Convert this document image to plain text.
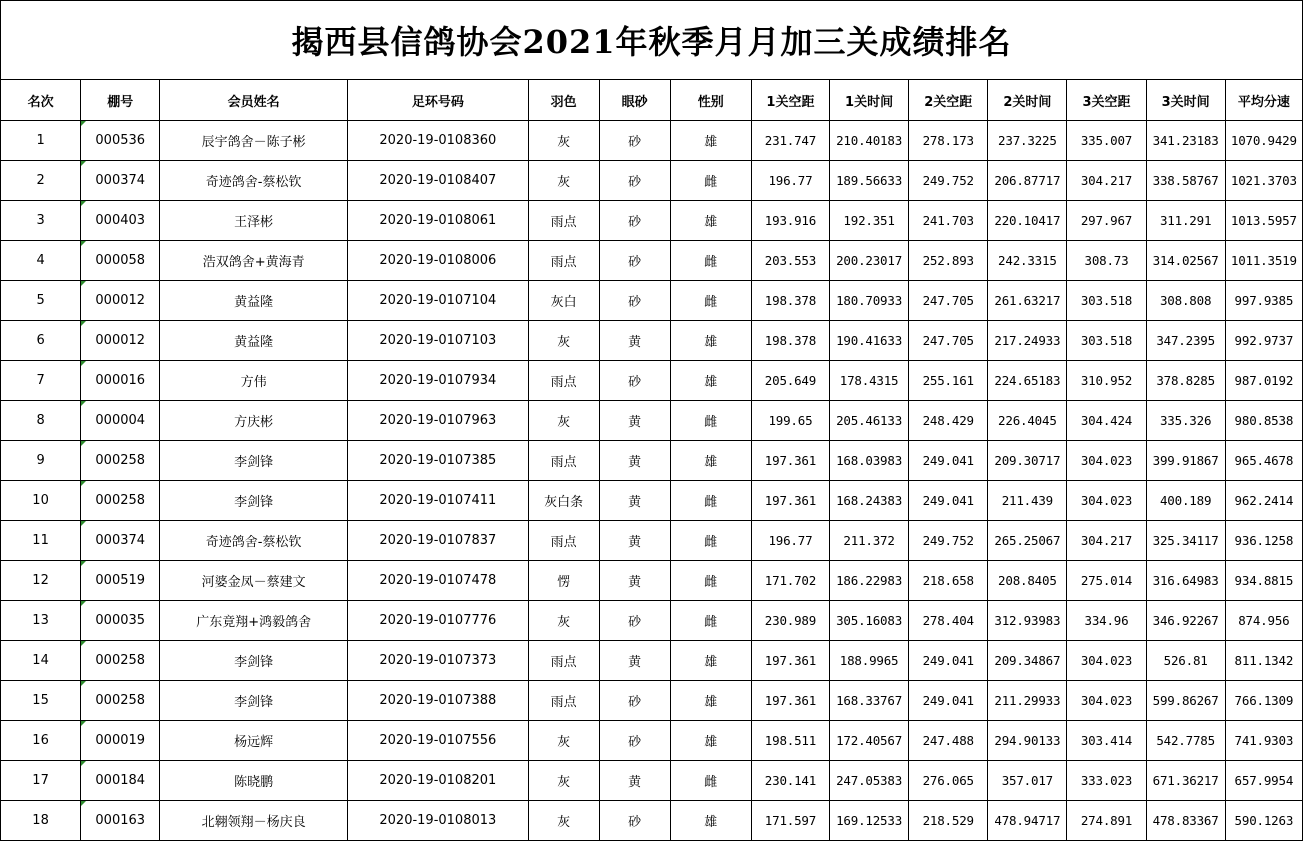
揭西县信鸽协会2021年秋季月月加三关成绩排名													
名次	棚号	会员姓名	足环号码	羽色	眼砂	性别	1关空距	1关时间	2关空距	2关时间	3关空距	3关时间	平均分速
1	000536	辰宇鸽舍－陈子彬	2020-19-0108360	灰	砂	雄	231.747	210.40183	278.173	237.3225	335.007	341.23183	1070.9429
2	000374	奇迹鸽舍-蔡松钦	2020-19-0108407	灰	砂	雌	196.77	189.56633	249.752	206.87717	304.217	338.58767	1021.3703
3	000403	王泽彬	2020-19-0108061	雨点	砂	雄	193.916	192.351	241.703	220.10417	297.967	311.291	1013.5957
4	000058	浩双鸽舍+黄海青	2020-19-0108006	雨点	砂	雌	203.553	200.23017	252.893	242.3315	308.73	314.02567	1011.3519
5	000012	黄益隆	2020-19-0107104	灰白	砂	雌	198.378	180.70933	247.705	261.63217	303.518	308.808	997.9385
6	000012	黄益隆	2020-19-0107103	灰	黄	雄	198.378	190.41633	247.705	217.24933	303.518	347.2395	992.9737
7	000016	方伟	2020-19-0107934	雨点	砂	雄	205.649	178.4315	255.161	224.65183	310.952	378.8285	987.0192
8	000004	方庆彬	2020-19-0107963	灰	黄	雌	199.65	205.46133	248.429	226.4045	304.424	335.326	980.8538
9	000258	李剑锋	2020-19-0107385	雨点	黄	雄	197.361	168.03983	249.041	209.30717	304.023	399.91867	965.4678
10	000258	李剑锋	2020-19-0107411	灰白条	黄	雌	197.361	168.24383	249.041	211.439	304.023	400.189	962.2414
11	000374	奇迹鸽舍-蔡松钦	2020-19-0107837	雨点	黄	雌	196.77	211.372	249.752	265.25067	304.217	325.34117	936.1258
12	000519	河婆金凤－蔡建文	2020-19-0107478	愣	黄	雌	171.702	186.22983	218.658	208.8405	275.014	316.64983	934.8815
13	000035	广东竟翔+鸿毅鸽舍	2020-19-0107776	灰	砂	雌	230.989	305.16083	278.404	312.93983	334.96	346.92267	874.956
14	000258	李剑锋	2020-19-0107373	雨点	黄	雄	197.361	188.9965	249.041	209.34867	304.023	526.81	811.1342
15	000258	李剑锋	2020-19-0107388	雨点	砂	雄	197.361	168.33767	249.041	211.29933	304.023	599.86267	766.1309
16	000019	杨远辉	2020-19-0107556	灰	砂	雄	198.511	172.40567	247.488	294.90133	303.414	542.7785	741.9303
17	000184	陈晓鹏	2020-19-0108201	灰	黄	雌	230.141	247.05383	276.065	357.017	333.023	671.36217	657.9954
18	000163	北翱领翔－杨庆良	2020-19-0108013	灰	砂	雄	171.597	169.12533	218.529	478.94717	274.891	478.83367	590.1263
